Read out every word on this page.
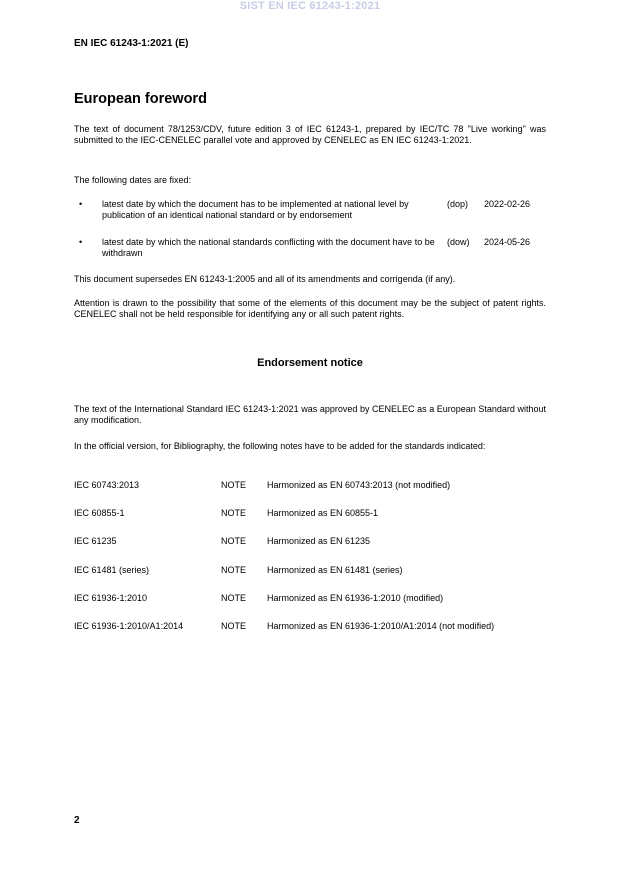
SIST EN IEC 61243-1:2021
EN IEC 61243-1:2021 (E)
European foreword
The text of document 78/1253/CDV, future edition 3 of IEC 61243-1, prepared by IEC/TC 78 "Live working" was submitted to the IEC-CENELEC parallel vote and approved by CENELEC as EN IEC 61243-1:2021.
The following dates are fixed:
• latest date by which the document has to be implemented at national level by publication of an identical national standard or by endorsement
(dop) 2022-02-26
• latest date by which the national standards conflicting with the document have to be withdrawn
(dow) 2024-05-26
This document supersedes EN 61243-1:2005 and all of its amendments and corrigenda (if any).
Attention is drawn to the possibility that some of the elements of this document may be the subject of patent rights. CENELEC shall not be held responsible for identifying any or all such patent rights.
Endorsement notice
The text of the International Standard IEC 61243-1:2021 was approved by CENELEC as a European Standard without any modification.
In the official version, for Bibliography, the following notes have to be added for the standards indicated:
IEC 60743:2013	NOTE Harmonized as EN 60743:2013 (not modified)
IEC 60855-1	NOTE Harmonized as EN 60855-1
IEC 61235	NOTE Harmonized as EN 61235
IEC 61481 (series)	NOTE Harmonized as EN 61481 (series)
IEC 61936-1:2010	NOTE Harmonized as EN 61936-1:2010 (modified)
IEC 61936-1:2010/A1:2014	NOTE Harmonized as EN 61936-1:2010/A1:2014 (not modified)
2
